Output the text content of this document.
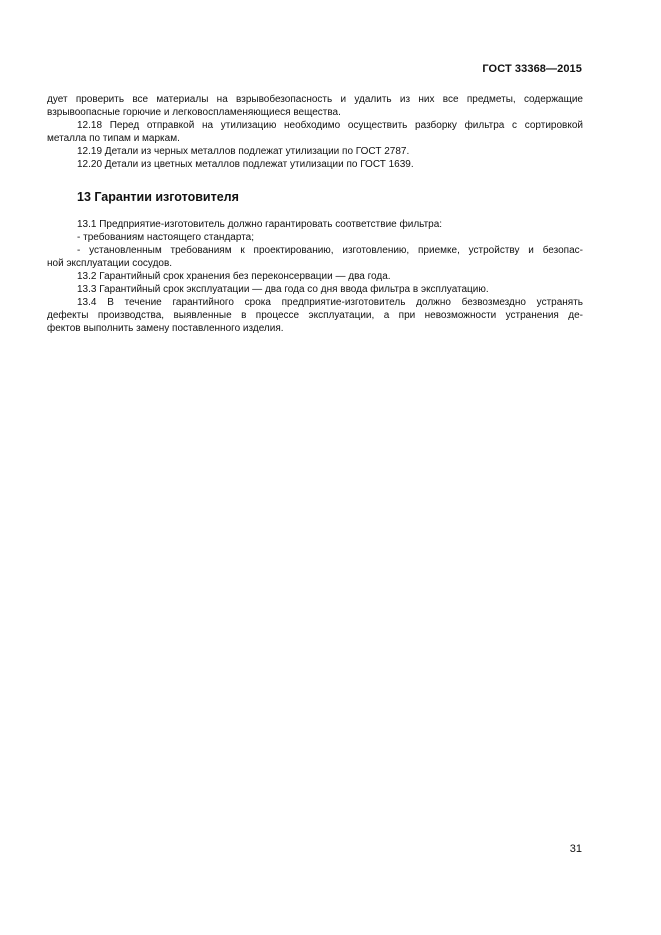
ГОСТ 33368—2015
дует проверить все материалы на взрывобезопасность и удалить из них все предметы, содержащие
взрывоопасные горючие и легковоспламеняющиеся вещества.
12.18 Перед отправкой на утилизацию необходимо осуществить разборку фильтра с сортировкой
металла по типам и маркам.
12.19 Детали из черных металлов подлежат утилизации по ГОСТ 2787.
12.20 Детали из цветных металлов подлежат утилизации по ГОСТ 1639.
13 Гарантии изготовителя
13.1 Предприятие-изготовитель должно гарантировать соответствие фильтра:
- требованиям настоящего стандарта;
- установленным требованиям к проектированию, изготовлению, приемке, устройству и безопас-
ной эксплуатации сосудов.
13.2 Гарантийный срок хранения без переконсервации — два года.
13.3 Гарантийный срок эксплуатации — два года со дня ввода фильтра в эксплуатацию.
13.4 В течение гарантийного срока предприятие-изготовитель должно безвозмездно устранять
дефекты производства, выявленные в процессе эксплуатации, а при невозможности устранения де-
фектов выполнить замену поставленного изделия.
31
